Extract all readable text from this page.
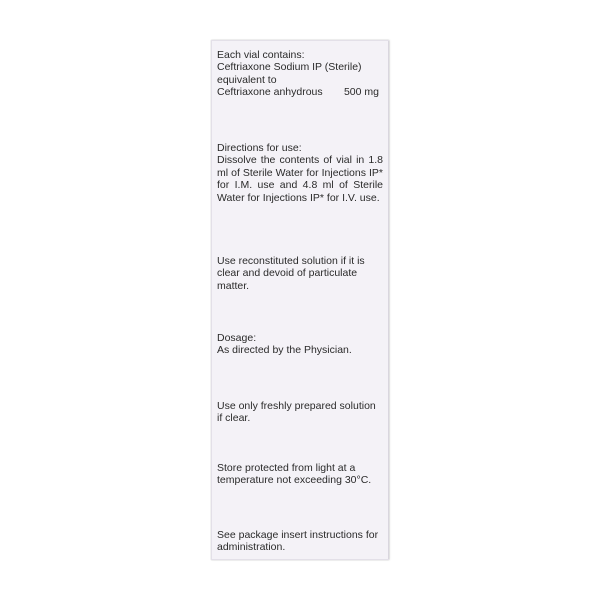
Each vial contains:
Ceftriaxone Sodium IP (Sterile)
equivalent to
Ceftriaxone anhydrous 500 mg
Directions for use:
Dissolve the contents of vial in 1.8 ml of Sterile Water for Injections IP* for I.M. use and 4.8 ml of Sterile Water for Injections IP* for I.V. use.
Use reconstituted solution if it is clear and devoid of particulate matter.
Dosage:
As directed by the Physician.
Use only freshly prepared solution if clear.
Store protected from light at a temperature not exceeding 30°C.
See package insert instructions for administration.
